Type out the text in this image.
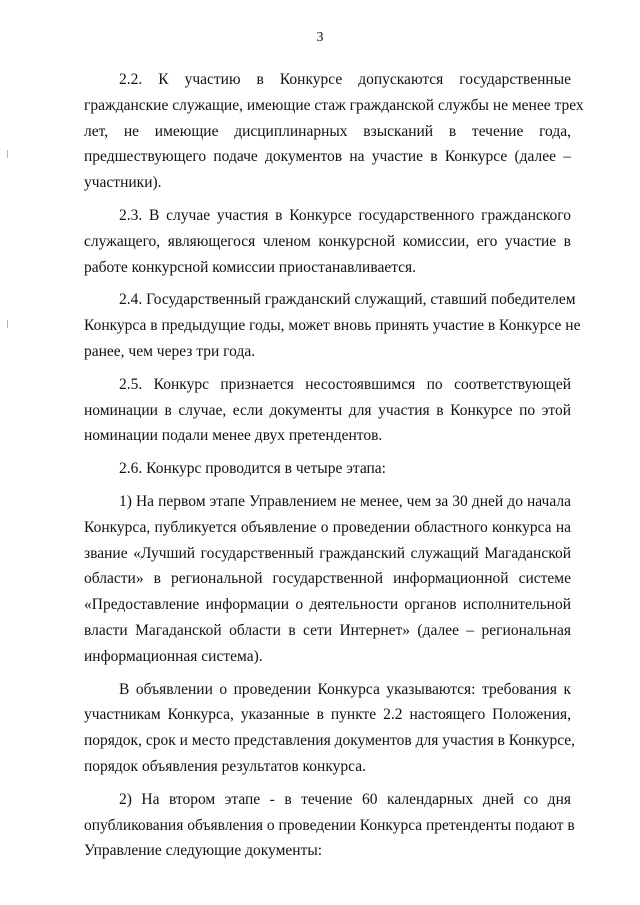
3
2.2. К участию в Конкурсе допускаются государственные
гражданские служащие, имеющие стаж гражданской службы не менее трех
лет, не имеющие дисциплинарных взысканий в течение года,
предшествующего подаче документов на участие в Конкурсе (далее –
участники).
2.3. В случае участия в Конкурсе государственного гражданского
служащего, являющегося членом конкурсной комиссии, его участие в
работе конкурсной комиссии приостанавливается.
2.4. Государственный гражданский служащий, ставший победителем
Конкурса в предыдущие годы, может вновь принять участие в Конкурсе не
ранее, чем через три года.
2.5. Конкурс признается несостоявшимся по соответствующей
номинации в случае, если документы для участия в Конкурсе по этой
номинации подали менее двух претендентов.
2.6. Конкурс проводится в четыре этапа:
1) На первом этапе Управлением не менее, чем за 30 дней до начала
Конкурса, публикуется объявление о проведении областного конкурса на
звание «Лучший государственный гражданский служащий Магаданской
области» в региональной государственной информационной системе
«Предоставление информации о деятельности органов исполнительной
власти Магаданской области в сети Интернет» (далее – региональная
информационная система).
В объявлении о проведении Конкурса указываются: требования к
участникам Конкурса, указанные в пункте 2.2 настоящего Положения,
порядок, срок и место представления документов для участия в Конкурсе,
порядок объявления результатов конкурса.
2) На втором этапе - в течение 60 календарных дней со дня
опубликования объявления о проведении Конкурса претенденты подают в
Управление следующие документы:
